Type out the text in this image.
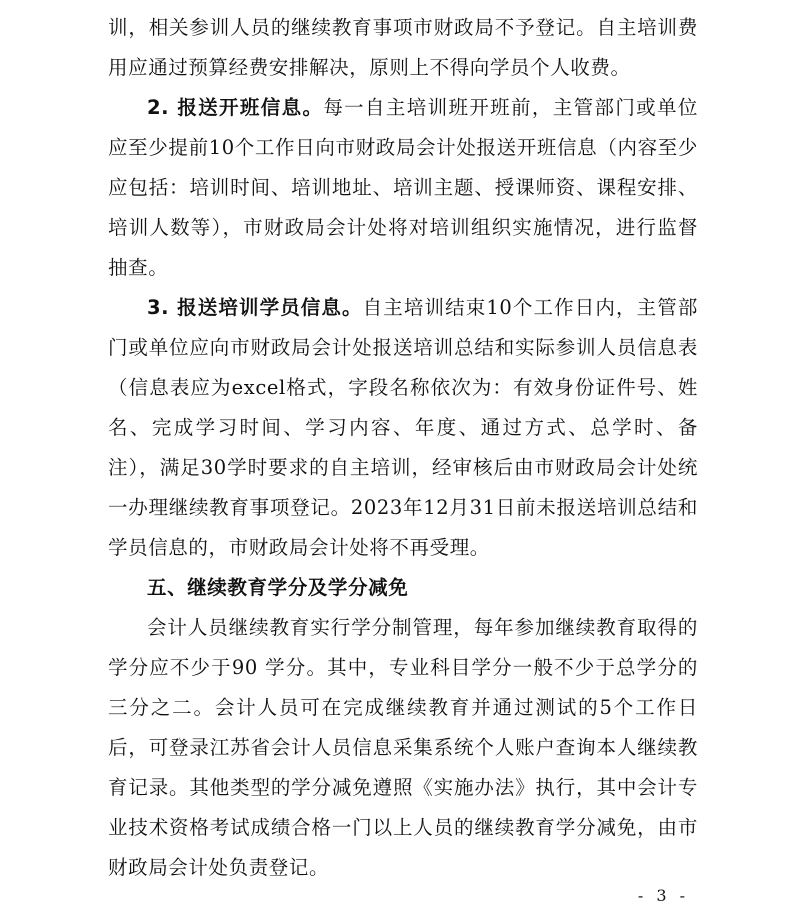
训，相关参训人员的继续教育事项市财政局不予登记。自主培训费用应通过预算经费安排解决，原则上不得向学员个人收费。

2. 报送开班信息。每一自主培训班开班前，主管部门或单位应至少提前10个工作日向市财政局会计处报送开班信息（内容至少应包括：培训时间、培训地址、培训主题、授课师资、课程安排、培训人数等），市财政局会计处将对培训组织实施情况，进行监督抽查。

3. 报送培训学员信息。自主培训结束10个工作日内，主管部门或单位应向市财政局会计处报送培训总结和实际参训人员信息表（信息表应为excel格式，字段名称依次为：有效身份证件号、姓名、完成学习时间、学习内容、年度、通过方式、总学时、备注），满足30学时要求的自主培训，经审核后由市财政局会计处统一办理继续教育事项登记。2023年12月31日前未报送培训总结和学员信息的，市财政局会计处将不再受理。

五、继续教育学分及学分减免

会计人员继续教育实行学分制管理，每年参加继续教育取得的学分应不少于90 学分。其中，专业科目学分一般不少于总学分的三分之二。会计人员可在完成继续教育并通过测试的5个工作日后，可登录江苏省会计人员信息采集系统个人账户查询本人继续教育记录。其他类型的学分减免遵照《实施办法》执行，其中会计专业技术资格考试成绩合格一门以上人员的继续教育学分减免，由市财政局会计处负责登记。

- 3 -
